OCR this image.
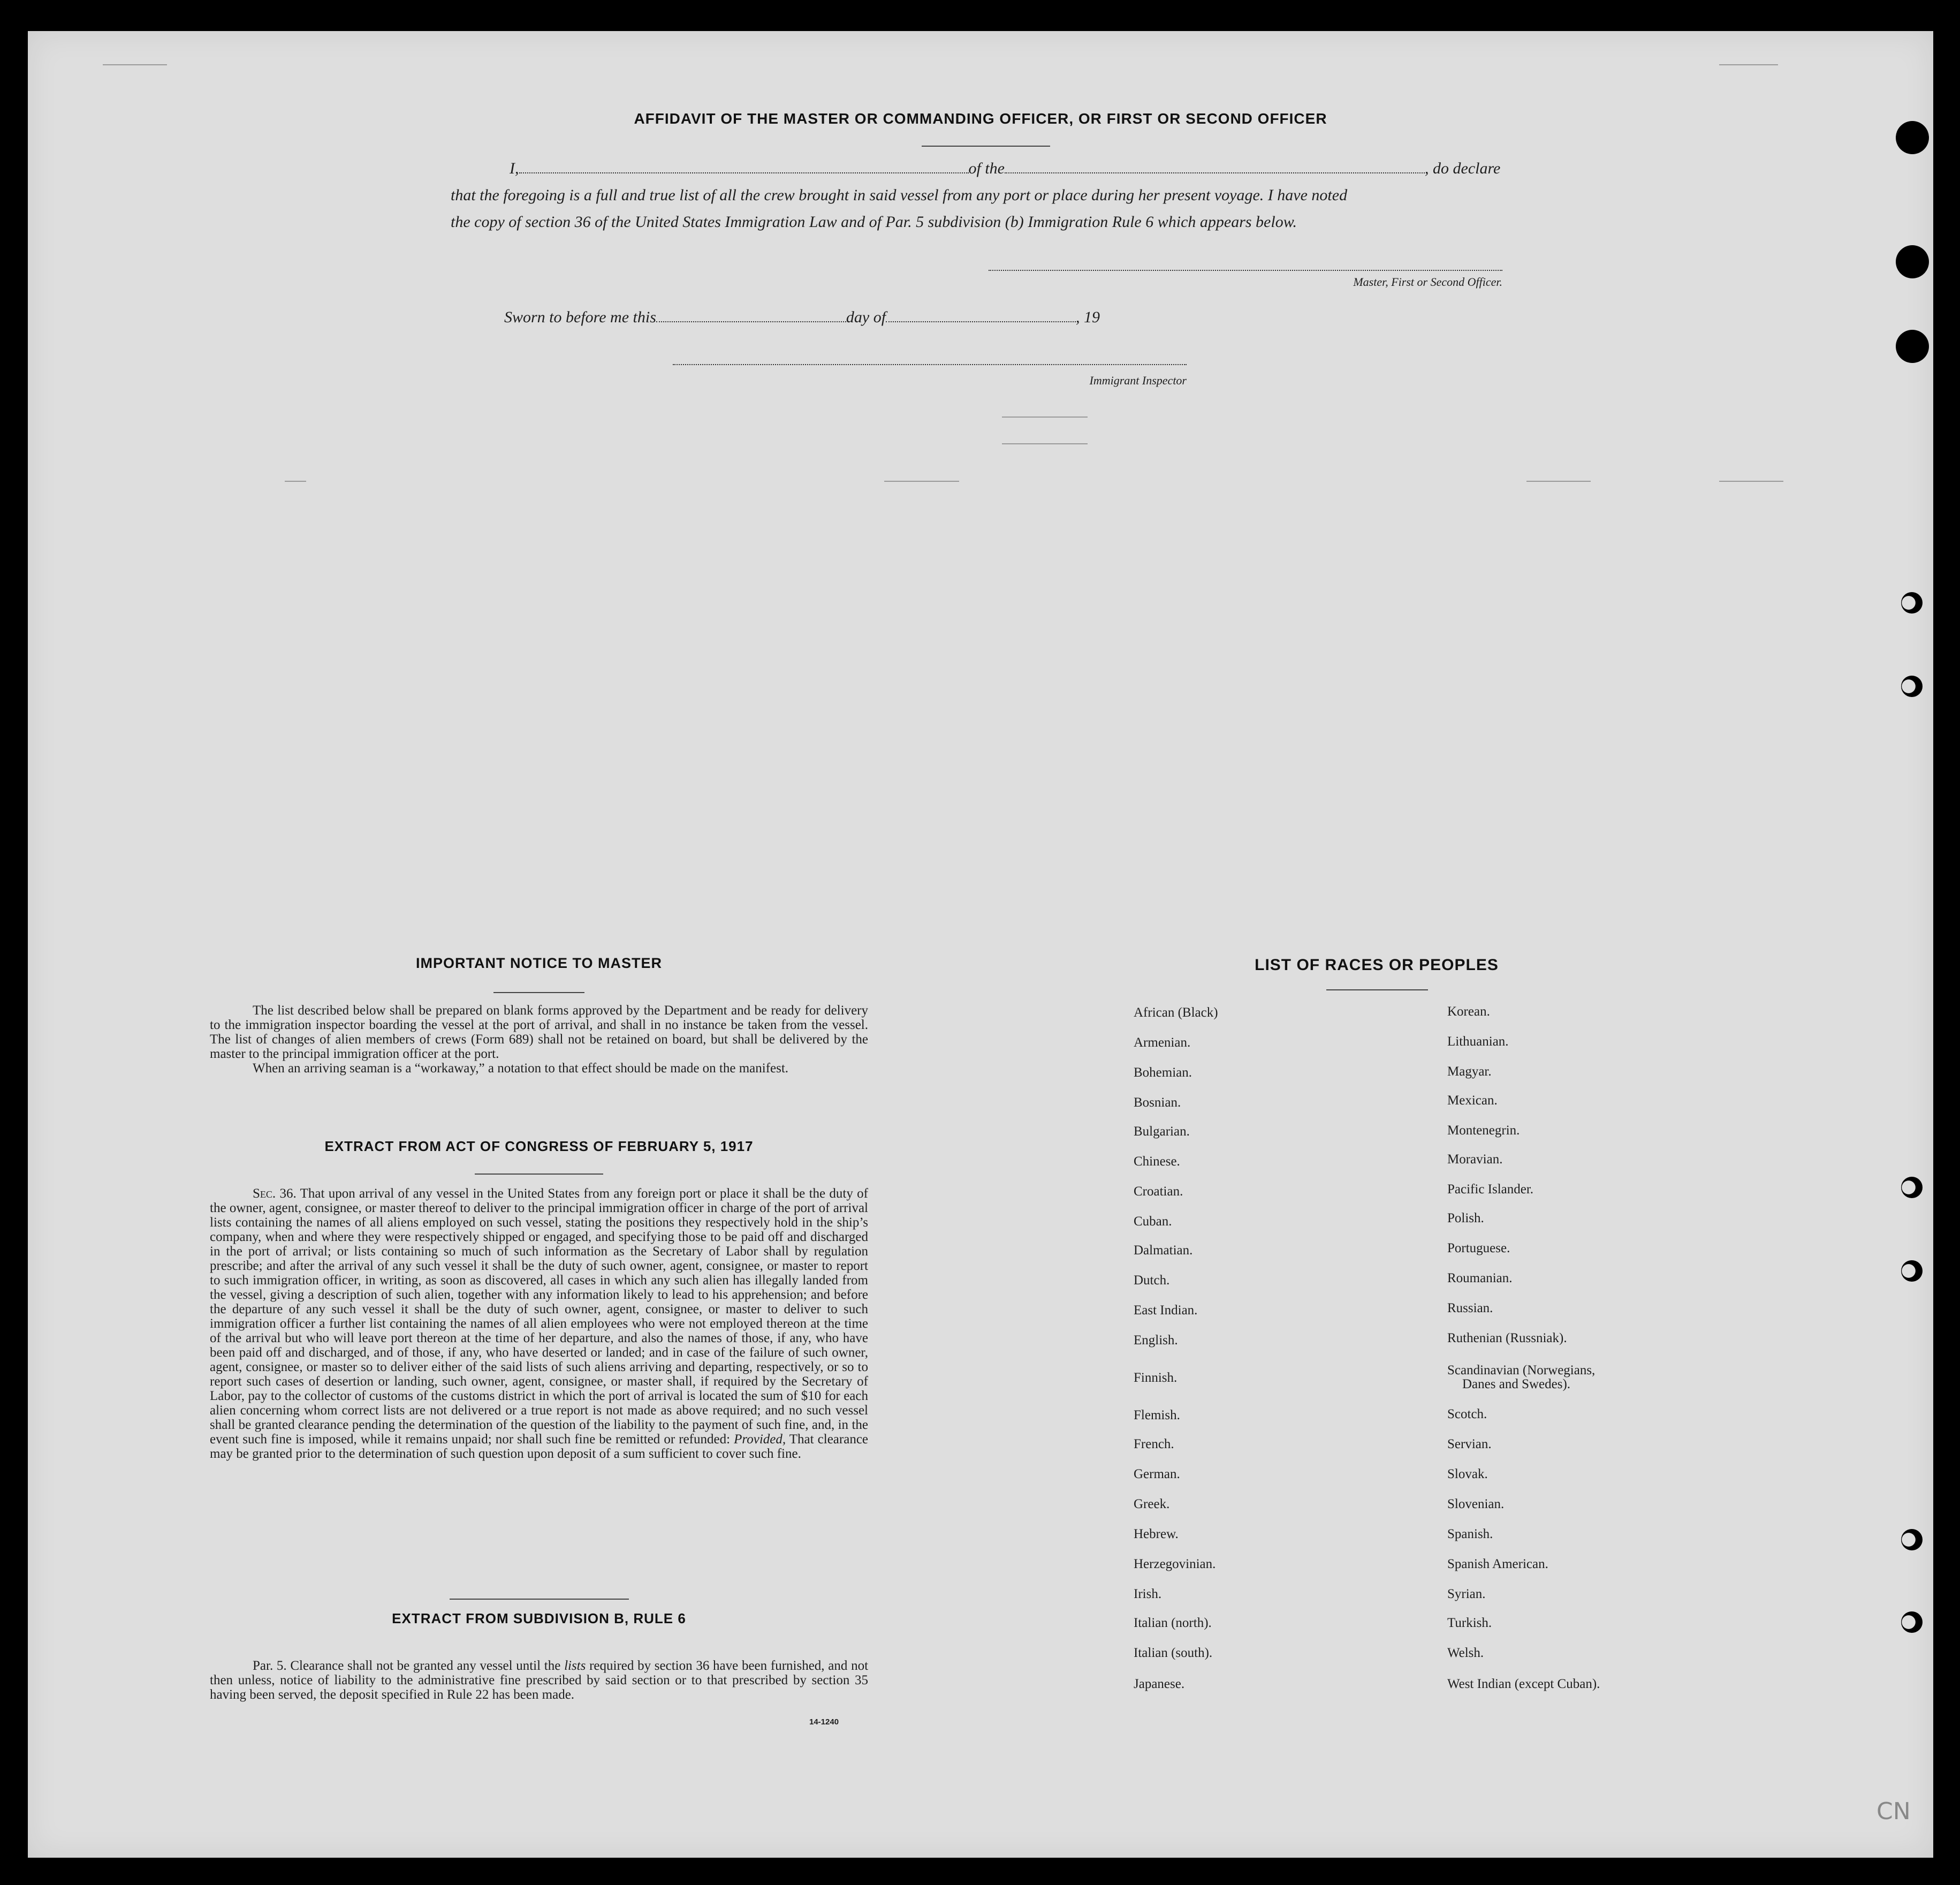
AFFIDAVIT OF THE MASTER OR COMMANDING OFFICER, OR FIRST OR SECOND OFFICER
I,	of the	, do declare
that the foregoing is a full and true list of all the crew brought in said vessel from any port or place during her present voyage. I have noted
the copy of section 36 of the United States Immigration Law and of Par. 5 subdivision (b) Immigration Rule 6 which appears below.
Master, First or Second Officer.
Sworn to before me this	day of	, 19
Immigrant Inspector
IMPORTANT NOTICE TO MASTER

The list described below shall be prepared on blank forms approved by the Department and be ready for delivery to the immigration inspector boarding the vessel at the port of arrival, and shall in no instance be taken from the vessel. The list of changes of alien members of crews (Form 689) shall not be retained on board, but shall be delivered by the master to the principal immigration officer at the port.

When an arriving seaman is a “workaway,” a notation to that effect should be made on the manifest.

EXTRACT FROM ACT OF CONGRESS OF FEBRUARY 5, 1917

Sec. 36. That upon arrival of any vessel in the United States from any foreign port or place it shall be the duty of the owner, agent, consignee, or master thereof to deliver to the principal immigration officer in charge of the port of arrival lists containing the names of all aliens employed on such vessel, stating the positions they respectively hold in the ship’s company, when and where they were respectively shipped or engaged, and specifying those to be paid off and discharged in the port of arrival; or lists containing so much of such information as the Secretary of Labor shall by regulation prescribe; and after the arrival of any such vessel it shall be the duty of such owner, agent, consignee, or master to report to such immigration officer, in writing, as soon as discovered, all cases in which any such alien has illegally landed from the vessel, giving a description of such alien, together with any information likely to lead to his apprehension; and before the departure of any such vessel it shall be the duty of such owner, agent, consignee, or master to deliver to such immigration officer a further list containing the names of all alien employees who were not employed thereon at the time of the arrival but who will leave port thereon at the time of her departure, and also the names of those, if any, who have been paid off and discharged, and of those, if any, who have deserted or landed; and in case of the failure of such owner, agent, consignee, or master so to deliver either of the said lists of such aliens arriving and departing, respectively, or so to report such cases of desertion or landing, such owner, agent, consignee, or master shall, if required by the Secretary of Labor, pay to the collector of customs of the customs district in which the port of arrival is located the sum of $10 for each alien concerning whom correct lists are not delivered or a true report is not made as above required; and no such vessel shall be granted clearance pending the determination of the question of the liability to the payment of such fine, and, in the event such fine is imposed, while it remains unpaid; nor shall such fine be remitted or refunded: Provided, That clearance may be granted prior to the determination of such question upon deposit of a sum sufficient to cover such fine.

EXTRACT FROM SUBDIVISION B, RULE 6

Par. 5. Clearance shall not be granted any vessel until the lists required by section 36 have been furnished, and not then unless, notice of liability to the administrative fine prescribed by said section or to that prescribed by section 35 having been served, the deposit specified in Rule 22 has been made.

14-1240
LIST OF RACES OR PEOPLES
African (Black)
Armenian.
Bohemian.
Bosnian.
Bulgarian.
Chinese.
Croatian.
Cuban.
Dalmatian.
Dutch.
East Indian.
English.
Finnish.
Flemish.
French.
German.
Greek.
Hebrew.
Herzegovinian.
Irish.
Italian (north).
Italian (south).
Japanese.
Korean.
Lithuanian.
Magyar.
Mexican.
Montenegrin.
Moravian.
Pacific Islander.
Polish.
Portuguese.
Roumanian.
Russian.
Ruthenian (Russniak).
Scandinavian (Norwegians,
Danes and Swedes).
Scotch.
Servian.
Slovak.
Slovenian.
Spanish.
Spanish American.
Syrian.
Turkish.
Welsh.
West Indian (except Cuban).
CN
